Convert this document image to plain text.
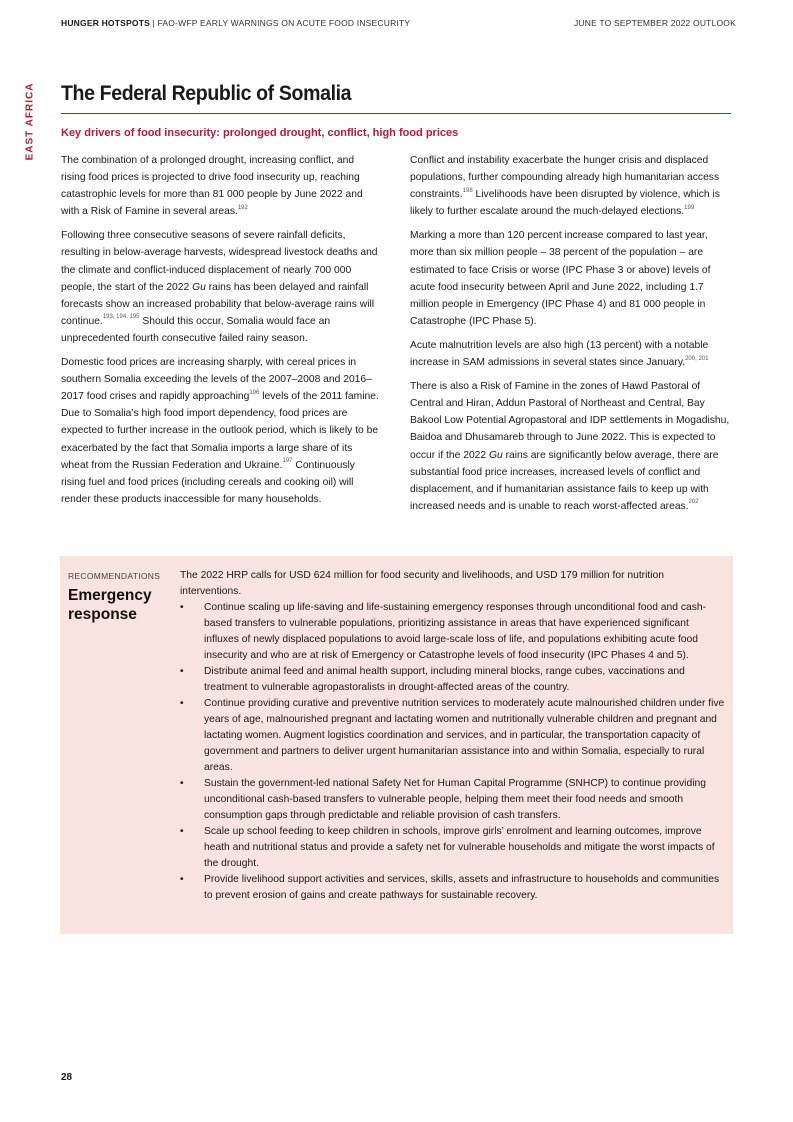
HUNGER HOTSPOTS | FAO-WFP EARLY WARNINGS ON ACUTE FOOD INSECURITY	JUNE TO SEPTEMBER 2022 OUTLOOK
EAST AFRICA The Federal Republic of Somalia
Key drivers of food insecurity: prolonged drought, conflict, high food prices

The combination of a prolonged drought, increasing conflict, and rising food prices is projected to drive food insecurity up, reaching catastrophic levels for more than 81 000 people by June 2022 and with a Risk of Famine in several areas.$^{192}$

Following three consecutive seasons of severe rainfall deficits, resulting in below-average harvests, widespread livestock deaths and the climate and conflict-induced displacement of nearly 700 000 people, the start of the 2022 Gu rains has been delayed and rainfall forecasts show an increased probability that below-average rains will continue.$^{193, 194, 195}$ Should this occur, Somalia would face an unprecedented fourth consecutive failed rainy season.

Domestic food prices are increasing sharply, with cereal prices in southern Somalia exceeding the levels of the 2007–2008 and 2016–2017 food crises and rapidly approaching$^{196}$ levels of the 2011 famine. Due to Somalia’s high food import dependency, food prices are expected to further increase in the outlook period, which is likely to be exacerbated by the fact that Somalia imports a large share of its wheat from the Russian Federation and Ukraine.$^{197}$ Continuously rising fuel and food prices (including cereals and cooking oil) will render these products inaccessible for many households.

Conflict and instability exacerbate the hunger crisis and displaced populations, further compounding already high humanitarian access constraints.$^{198}$ Livelihoods have been disrupted by violence, which is likely to further escalate around the much-delayed elections.$^{199}$

Marking a more than 120 percent increase compared to last year, more than six million people – 38 percent of the population – are estimated to face Crisis or worse (IPC Phase 3 or above) levels of acute food insecurity between April and June 2022, including 1.7 million people in Emergency (IPC Phase 4) and 81 000 people in Catastrophe (IPC Phase 5).

Acute malnutrition levels are also high (13 percent) with a notable increase in SAM admissions in several states since January.$^{200, 201}$

There is also a Risk of Famine in the zones of Hawd Pastoral of Central and Hiran, Addun Pastoral of Northeast and Central, Bay Bakool Low Potential Agropastoral and IDP settlements in Mogadishu, Baidoa and Dhusamareb through to June 2022. This is expected to occur if the 2022 Gu rains are significantly below average, there are substantial food price increases, increased levels of conflict and displacement, and if humanitarian assistance fails to keep up with increased needs and is unable to reach worst-affected areas.$^{202}$

RECOMMENDATIONS
Emergency response

The 2022 HRP calls for USD 624 million for food security and livelihoods, and USD 179 million for nutrition interventions.

• Continue scaling up life-saving and life-sustaining emergency responses through unconditional food and cash-based transfers to vulnerable populations, prioritizing assistance in areas that have experienced significant influxes of newly displaced populations to avoid large-scale loss of life, and populations exhibiting acute food insecurity and who are at risk of Emergency or Catastrophe levels of food insecurity (IPC Phases 4 and 5).
• Distribute animal feed and animal health support, including mineral blocks, range cubes, vaccinations and treatment to vulnerable agropastoralists in drought-affected areas of the country.
• Continue providing curative and preventive nutrition services to moderately acute malnourished children under five years of age, malnourished pregnant and lactating women and nutritionally vulnerable children and pregnant and lactating women. Augment logistics coordination and services, and in particular, the transportation capacity of government and partners to deliver urgent humanitarian assistance into and within Somalia, especially to rural areas.
• Sustain the government-led national Safety Net for Human Capital Programme (SNHCP) to continue providing unconditional cash-based transfers to vulnerable people, helping them meet their food needs and smooth consumption gaps through predictable and reliable provision of cash transfers.
• Scale up school feeding to keep children in schools, improve girls’ enrolment and learning outcomes, improve heath and nutritional status and provide a safety net for vulnerable households and mitigate the worst impacts of the drought.
• Provide livelihood support activities and services, skills, assets and infrastructure to households and communities to prevent erosion of gains and create pathways for sustainable recovery.
28
